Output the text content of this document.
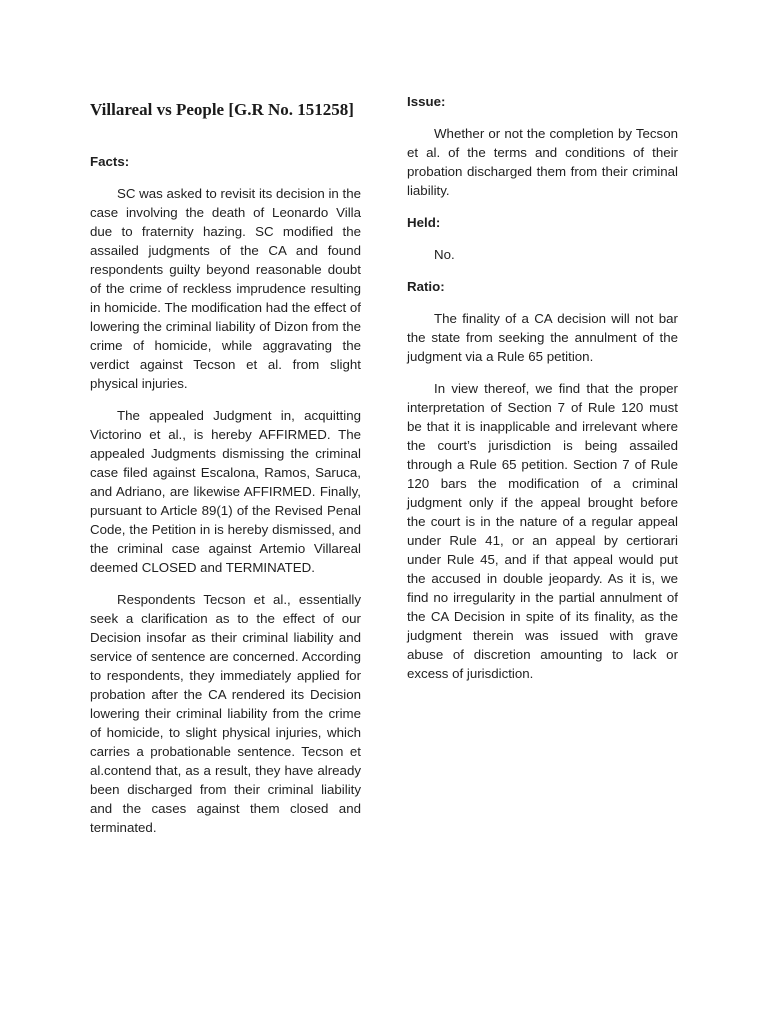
Villareal vs People [G.R No. 151258]

Facts:

SC was asked to revisit its decision in the case involving the death of Leonardo Villa due to fraternity hazing. SC modified the assailed judgments of the CA and found respondents guilty beyond reasonable doubt of the crime of reckless imprudence resulting in homicide. The modification had the effect of lowering the criminal liability of Dizon from the crime of homicide, while aggravating the verdict against Tecson et al. from slight physical injuries.

The appealed Judgment in, acquitting Victorino et al., is hereby AFFIRMED. The appealed Judgments dismissing the criminal case filed against Escalona, Ramos, Saruca, and Adriano, are likewise AFFIRMED. Finally, pursuant to Article 89(1) of the Revised Penal Code, the Petition in is hereby dismissed, and the criminal case against Artemio Villareal deemed CLOSED and TERMINATED.

Respondents Tecson et al., essentially seek a clarification as to the effect of our Decision insofar as their criminal liability and service of sentence are concerned. According to respondents, they immediately applied for probation after the CA rendered its Decision lowering their criminal liability from the crime of homicide, to slight physical injuries, which carries a probationable sentence. Tecson et al.contend that, as a result, they have already been discharged from their criminal liability and the cases against them closed and terminated.

Issue:

Whether or not the completion by Tecson et al. of the terms and conditions of their probation discharged them from their criminal liability.

Held:

No.

Ratio:

The finality of a CA decision will not bar the state from seeking the annulment of the judgment via a Rule 65 petition.

In view thereof, we find that the proper interpretation of Section 7 of Rule 120 must be that it is inapplicable and irrelevant where the court’s jurisdiction is being assailed through a Rule 65 petition. Section 7 of Rule 120 bars the modification of a criminal judgment only if the appeal brought before the court is in the nature of a regular appeal under Rule 41, or an appeal by certiorari under Rule 45, and if that appeal would put the accused in double jeopardy. As it is, we find no irregularity in the partial annulment of the CA Decision in spite of its finality, as the judgment therein was issued with grave abuse of discretion amounting to lack or excess of jurisdiction.
